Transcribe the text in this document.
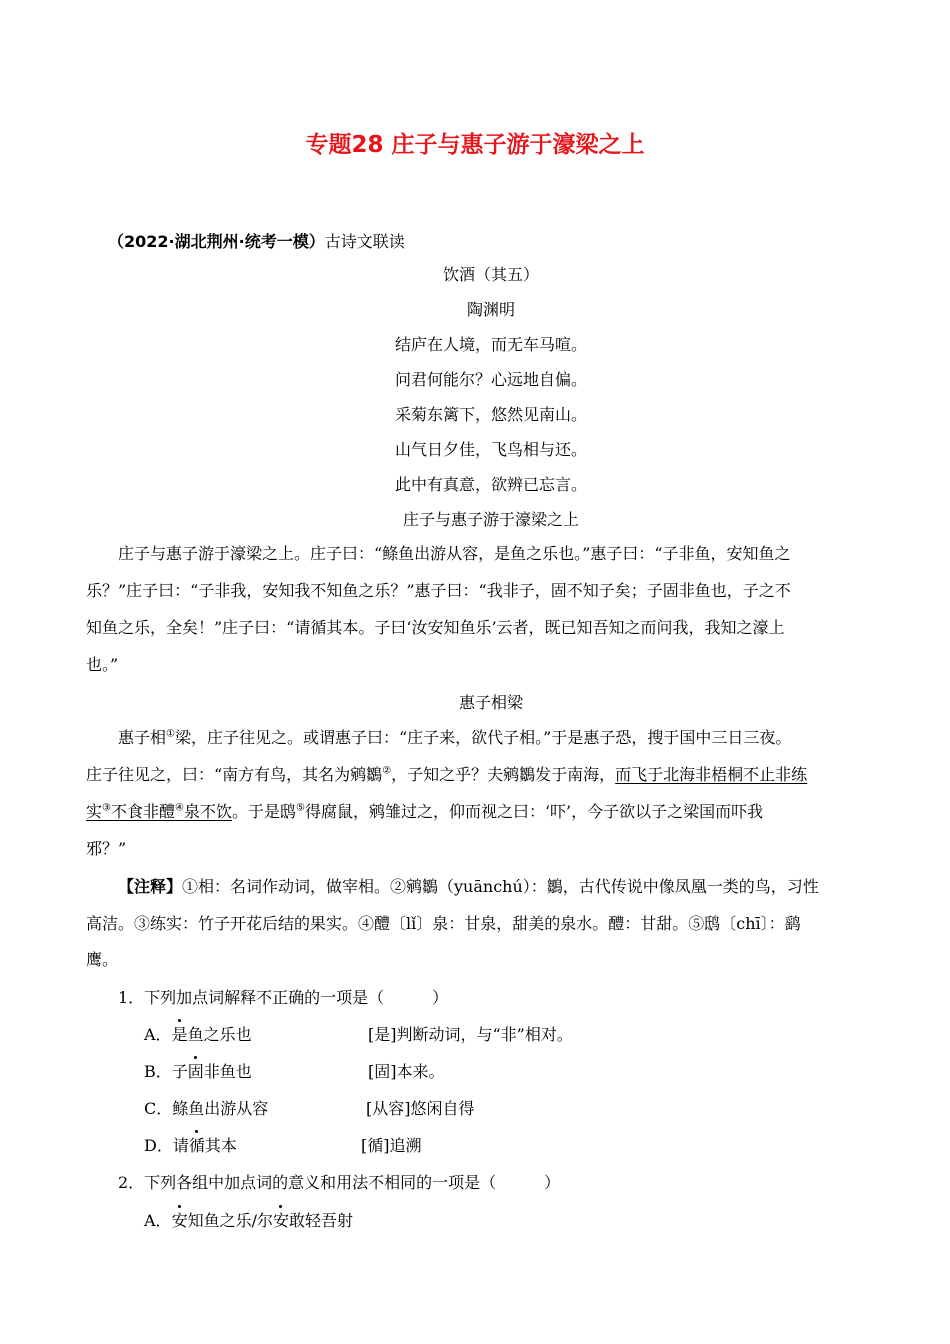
专题28 庄子与惠子游于濠梁之上
（2022·湖北荆州·统考一模）古诗文联读
饮酒（其五）
陶渊明
结庐在人境，而无车马喧。
问君何能尔？心远地自偏。
采菊东篱下，悠然见南山。
山气日夕佳，飞鸟相与还。
此中有真意，欲辨已忘言。
庄子与惠子游于濠梁之上
庄子与惠子游于濠梁之上。庄子曰：“鲦鱼出游从容，是鱼之乐也。”惠子曰：“子非鱼，安知鱼之
乐？”庄子曰：“子非我，安知我不知鱼之乐？”惠子曰：“我非子，固不知子矣；子固非鱼也，子之不
知鱼之乐，全矣！”庄子曰：“请循其本。子曰‘汝安知鱼乐’云者，既已知吾知之而问我，我知之濠上
也。”
惠子相梁
惠子相①梁，庄子往见之。或谓惠子曰：“庄子来，欲代子相。”于是惠子恐，搜于国中三日三夜。
庄子往见之，曰：“南方有鸟，其名为鹓鶵②，子知之乎？夫鹓鶵发于南海，而飞于北海非梧桐不止非练
实③不食非醴④泉不饮。于是鸱⑤得腐鼠，鹓雏过之，仰而视之曰：‘吓’，今子欲以子之梁国而吓我
邪？”
【注释】①相：名词作动词，做宰相。②鹓鶵（yuānchú）：鶵，古代传说中像凤凰一类的鸟，习性
高洁。③练实：竹子开花后结的果实。④醴〔lǐ〕泉：甘泉，甜美的泉水。醴：甘甜。⑤鸱〔chī〕：鹞
鹰。
1．下列加点词解释不正确的一项是（　　　）
A．是鱼之乐也	[是]判断动词，与“非”相对。
B．子固非鱼也	[固]本来。
C．鲦鱼出游从容	[从容]悠闲自得
D．请循其本	[循]追溯
2．下列各组中加点词的意义和用法不相同的一项是（　　　）
A．安知鱼之乐/尔安敢轻吾射
